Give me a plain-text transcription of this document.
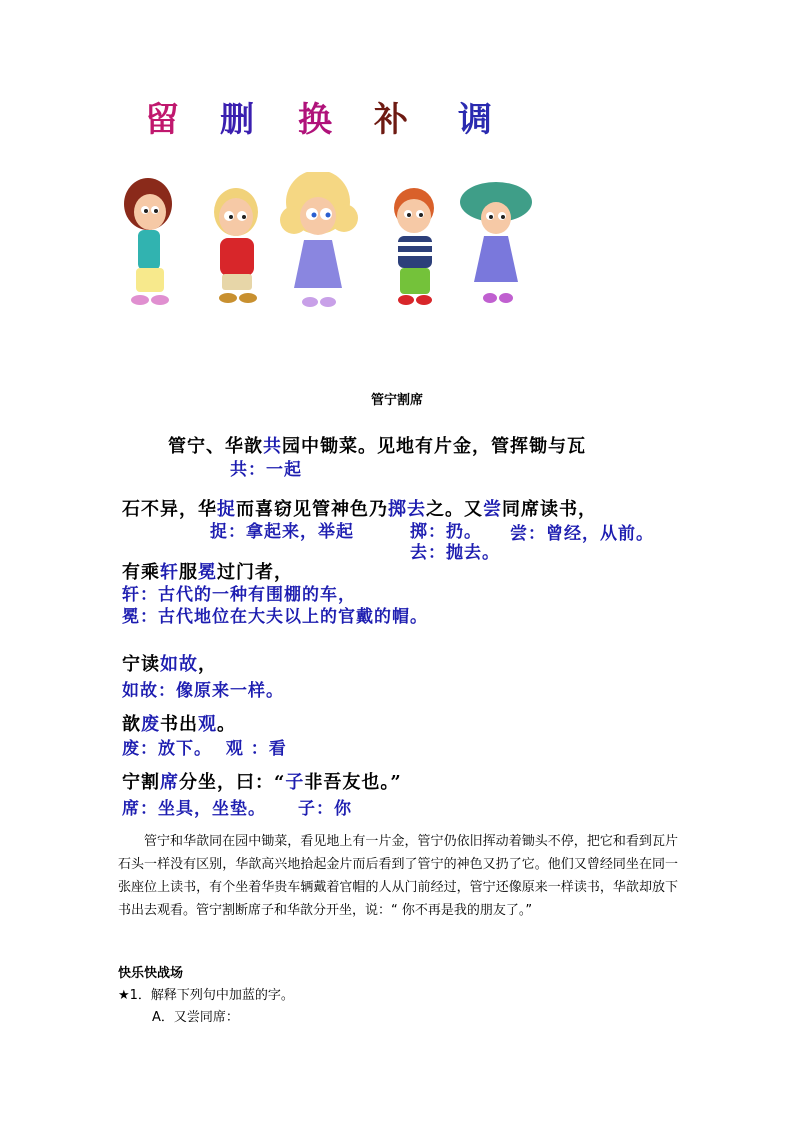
留 删 换 补 调
管宁割席
管宁、华歆共园中锄菜。见地有片金，管挥锄与瓦
共：一起
石不异，华捉而喜窃见管神色乃掷去之。又尝同席读书，
捉：拿起来，举起	掷：扔。 尝：曾经，从前。
去：抛去。
有乘轩服冕过门者，
轩：古代的一种有围棚的车，
冕：古代地位在大夫以上的官戴的帽。
宁读如故，
如故：像原来一样。
歆废书出观。
废：放下。  观 ：看
宁割席分坐，曰：“子非吾友也。”
席：坐具，坐垫。 子：你
管宁和华歆同在园中锄菜，看见地上有一片金，管宁仍依旧挥动着锄头不停，把它和看到瓦片石头一样没有区别，华歆高兴地拾起金片而后看到了管宁的神色又扔了它。他们又曾经同坐在同一张座位上读书，有个坐着华贵车辆戴着官帽的人从门前经过，管宁还像原来一样读书，华歆却放下书出去观看。管宁割断席子和华歆分开坐，说：“ 你不再是我的朋友了。”
快乐快战场
★1．解释下列句中加蓝的字。
A．又尝同席：
